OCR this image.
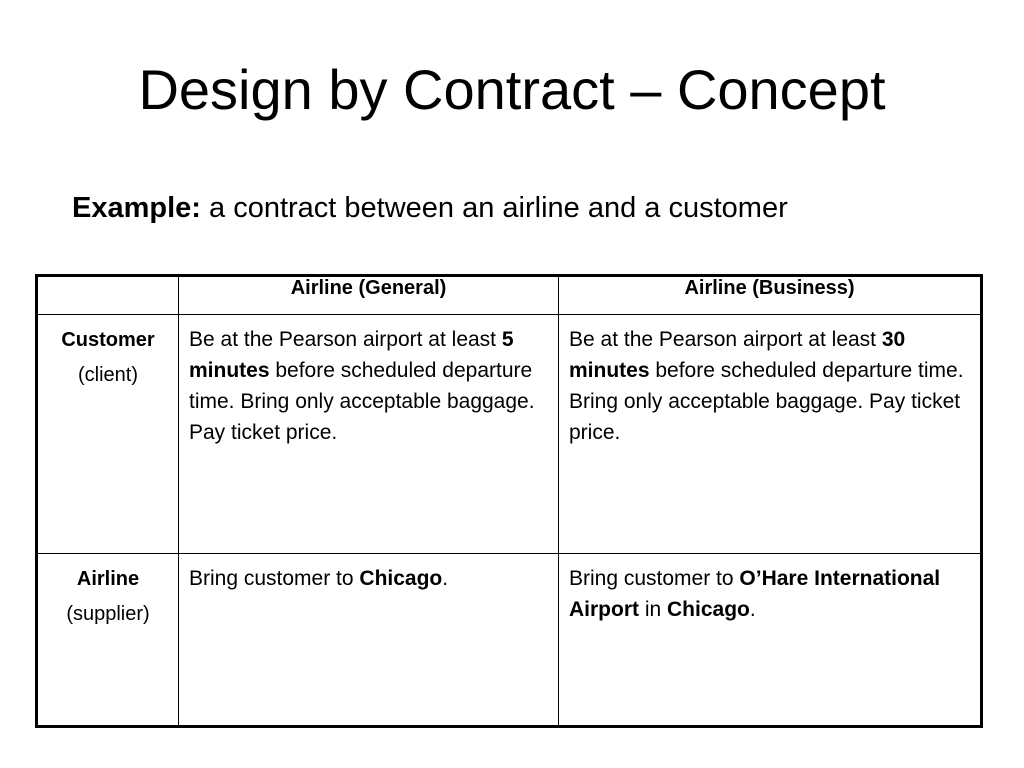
Design by Contract – Concept
Example: a contract between an airline and a customer
	Airline (General)	Airline (Business)

Customer
(client)	Be at the Pearson airport at least 5 minutes before scheduled departure time. Bring only acceptable baggage. Pay ticket price.	Be at the Pearson airport at least 30 minutes before scheduled departure time. Bring only acceptable baggage. Pay ticket price.

Airline
(supplier)	Bring customer to Chicago.	Bring customer to O’Hare International Airport in Chicago.
